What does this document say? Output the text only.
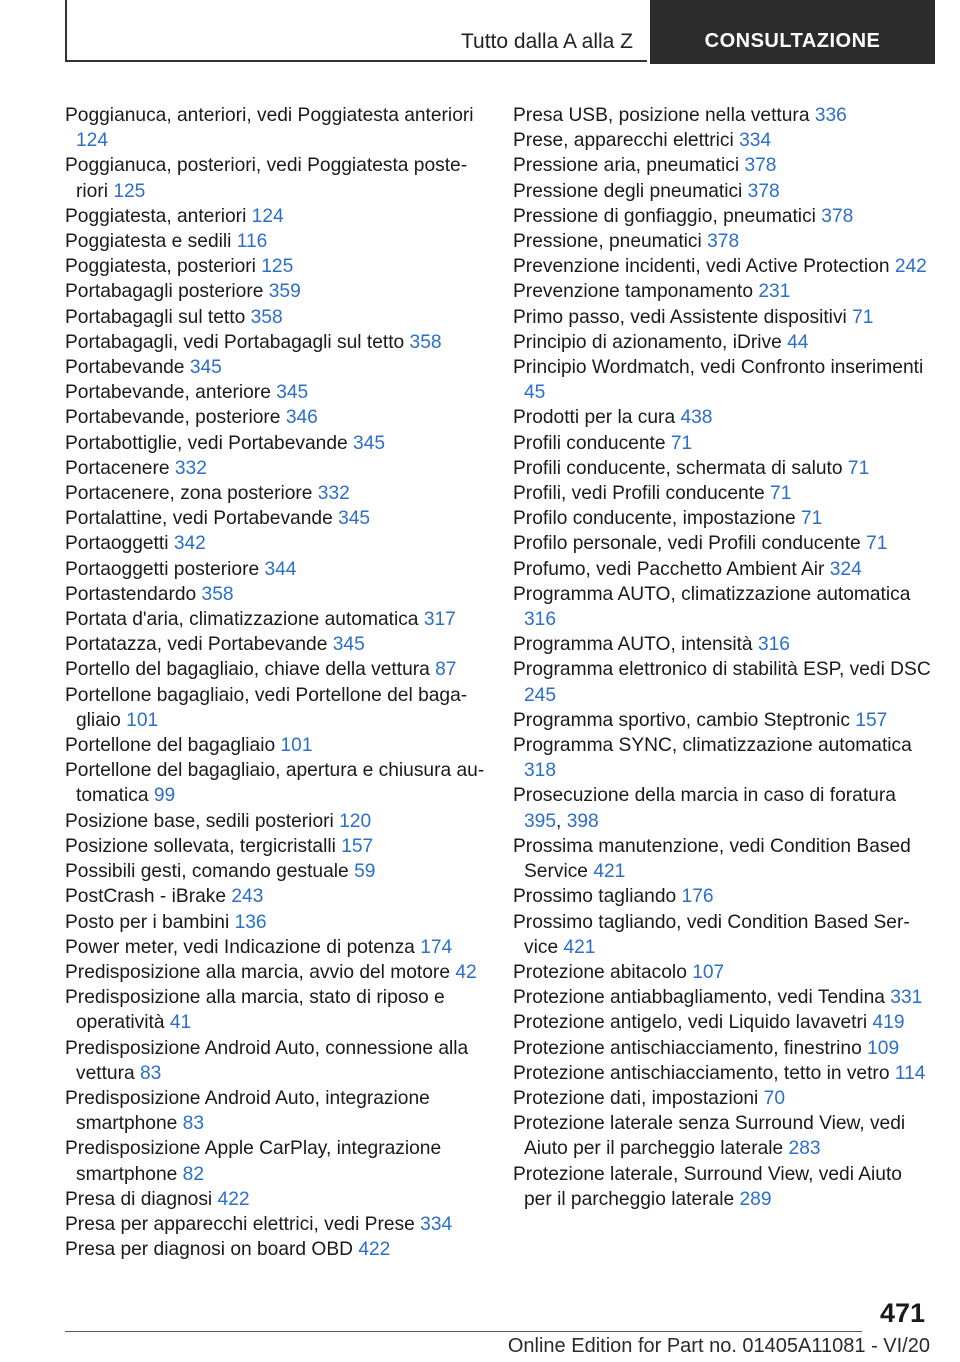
Tutto dalla A alla Z	CONSULTAZIONE
Poggianuca, anteriori, vedi Poggiatesta anteriori 124
Poggianuca, posteriori, vedi Poggiatesta posteriori 125
Poggiatesta, anteriori 124
Poggiatesta e sedili 116
Poggiatesta, posteriori 125
Portabagagli posteriore 359
Portabagagli sul tetto 358
Portabagagli, vedi Portabagagli sul tetto 358
Portabevande 345
Portabevande, anteriore 345
Portabevande, posteriore 346
Portabottiglie, vedi Portabevande 345
Portacenere 332
Portacenere, zona posteriore 332
Portalattine, vedi Portabevande 345
Portaoggetti 342
Portaoggetti posteriore 344
Portastendardo 358
Portata d'aria, climatizzazione automatica 317
Portatazza, vedi Portabevande 345
Portello del bagagliaio, chiave della vettura 87
Portellone bagagliaio, vedi Portellone del bagagliaio 101
Portellone del bagagliaio 101
Portellone del bagagliaio, apertura e chiusura automatica 99
Posizione base, sedili posteriori 120
Posizione sollevata, tergicristalli 157
Possibili gesti, comando gestuale 59
PostCrash - iBrake 243
Posto per i bambini 136
Power meter, vedi Indicazione di potenza 174
Predisposizione alla marcia, avvio del motore 42
Predisposizione alla marcia, stato di riposo e operatività 41
Predisposizione Android Auto, connessione alla vettura 83
Predisposizione Android Auto, integrazione smartphone 83
Predisposizione Apple CarPlay, integrazione smartphone 82
Presa di diagnosi 422
Presa per apparecchi elettrici, vedi Prese 334
Presa per diagnosi on board OBD 422
Presa USB, posizione nella vettura 336
Prese, apparecchi elettrici 334
Pressione aria, pneumatici 378
Pressione degli pneumatici 378
Pressione di gonfiaggio, pneumatici 378
Pressione, pneumatici 378
Prevenzione incidenti, vedi Active Protection 242
Prevenzione tamponamento 231
Primo passo, vedi Assistente dispositivi 71
Principio di azionamento, iDrive 44
Principio Wordmatch, vedi Confronto inserimenti 45
Prodotti per la cura 438
Profili conducente 71
Profili conducente, schermata di saluto 71
Profili, vedi Profili conducente 71
Profilo conducente, impostazione 71
Profilo personale, vedi Profili conducente 71
Profumo, vedi Pacchetto Ambient Air 324
Programma AUTO, climatizzazione automatica 316
Programma AUTO, intensità 316
Programma elettronico di stabilità ESP, vedi DSC 245
Programma sportivo, cambio Steptronic 157
Programma SYNC, climatizzazione automatica 318
Prosecuzione della marcia in caso di foratura 395, 398
Prossima manutenzione, vedi Condition Based Service 421
Prossimo tagliando 176
Prossimo tagliando, vedi Condition Based Service 421
Protezione abitacolo 107
Protezione antiabbagliamento, vedi Tendina 331
Protezione antigelo, vedi Liquido lavavetri 419
Protezione antischiacciamento, finestrino 109
Protezione antischiacciamento, tetto in vetro 114
Protezione dati, impostazioni 70
Protezione laterale senza Surround View, vedi Aiuto per il parcheggio laterale 283
Protezione laterale, Surround View, vedi Aiuto per il parcheggio laterale 289
471
Online Edition for Part no. 01405A11081 - VI/20
